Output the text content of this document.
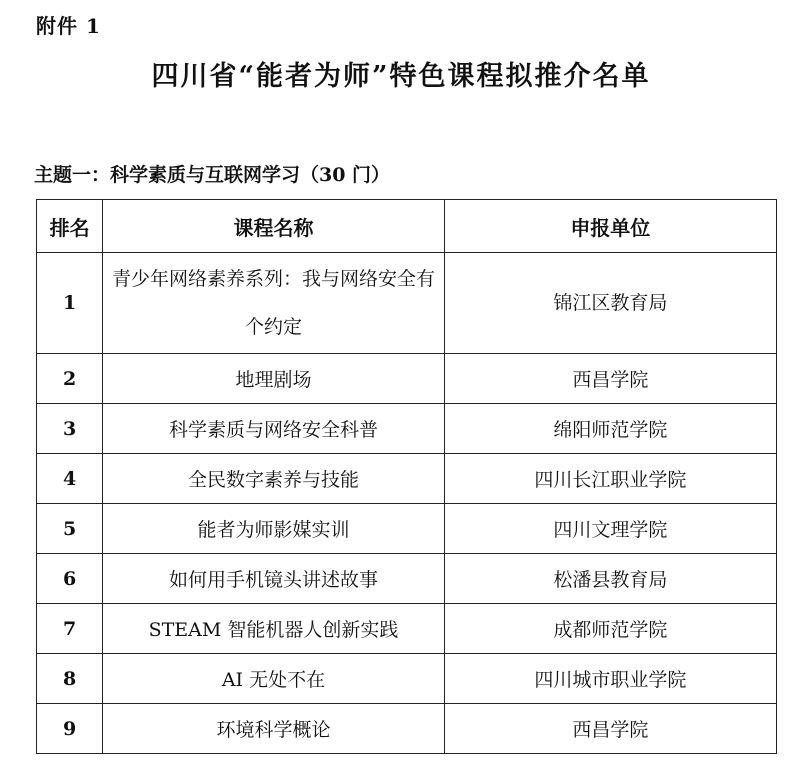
附件 1
四川省“能者为师”特色课程拟推介名单
主题一：科学素质与互联网学习（30 门）
排名	课程名称	申报单位
1	青少年网络素养系列：我与网络安全有个约定	锦江区教育局
2	地理剧场	西昌学院
3	科学素质与网络安全科普	绵阳师范学院
4	全民数字素养与技能	四川长江职业学院
5	能者为师影媒实训	四川文理学院
6	如何用手机镜头讲述故事	松潘县教育局
7	STEAM 智能机器人创新实践	成都师范学院
8	AI 无处不在	四川城市职业学院
9	环境科学概论	西昌学院
